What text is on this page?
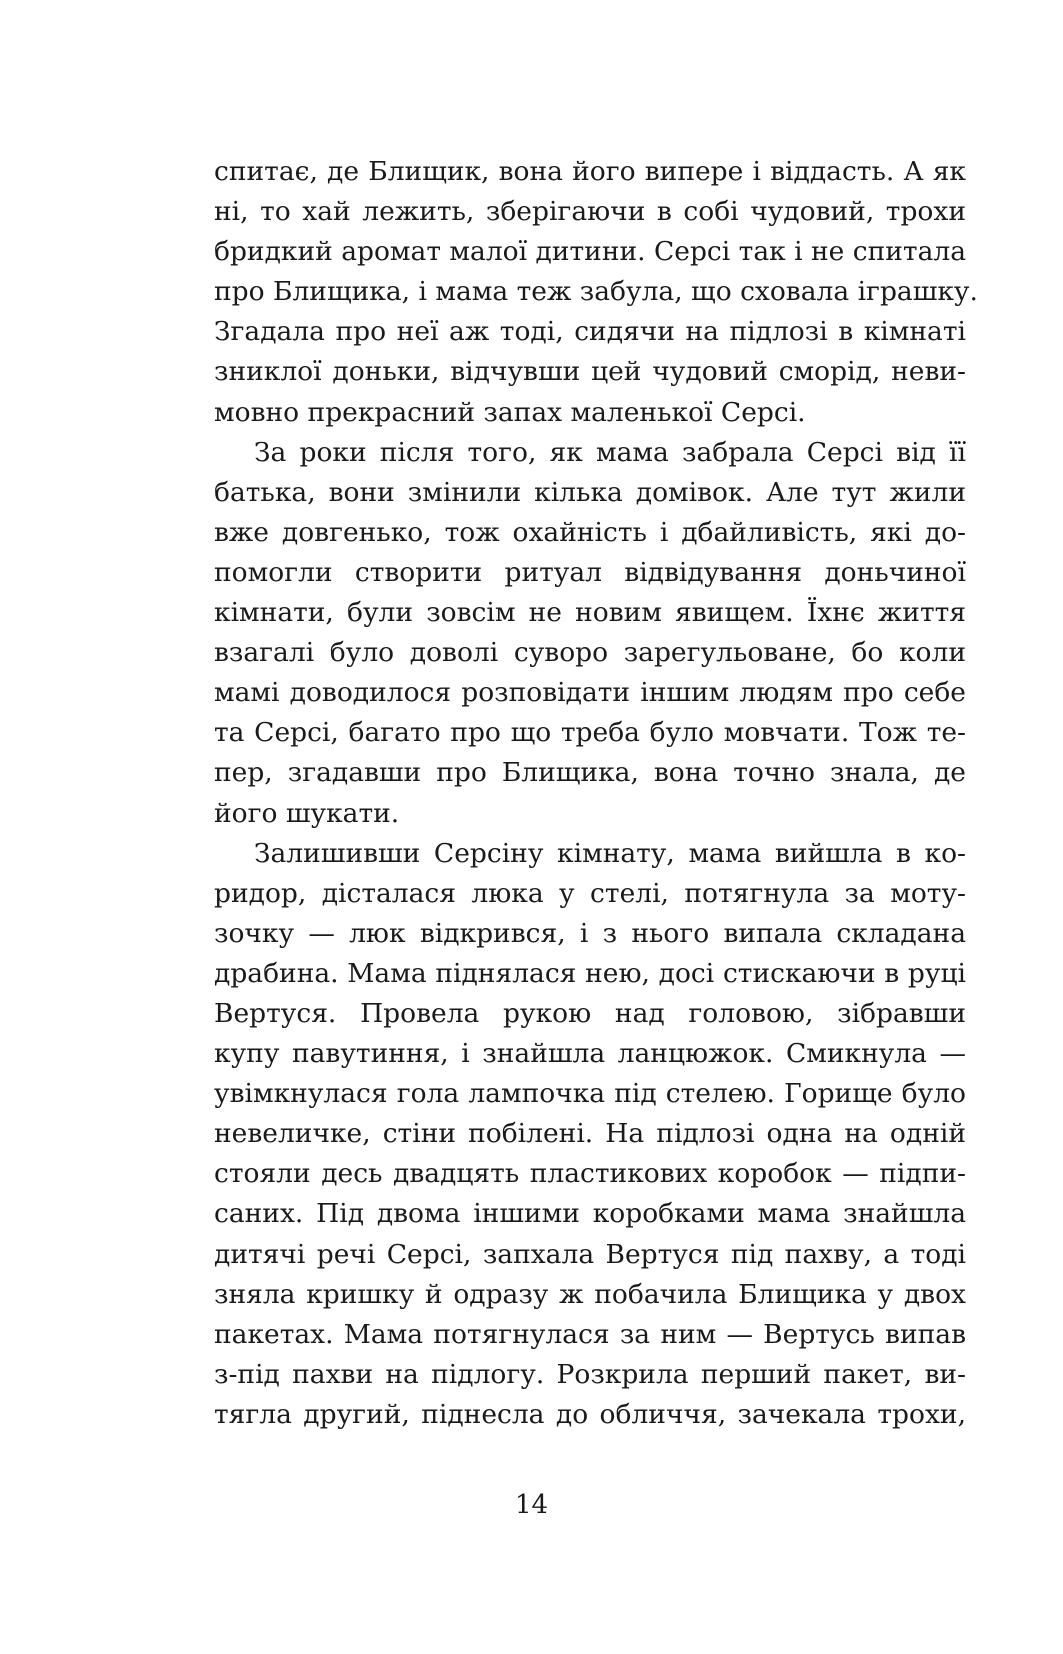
спитає, де Блищик, вона його випере і віддасть. А як
ні, то хай лежить, зберігаючи в собі чудовий, трохи
бридкий аромат малої дитини. Серсі так і не спитала
про Блищика, і мама теж забула, що сховала іграшку.
Згадала про неї аж тоді, сидячи на підлозі в кімнаті
зниклої доньки, відчувши цей чудовий сморід, неви-
мовно прекрасний запах маленької Серсі.
За роки після того, як мама забрала Серсі від її
батька, вони змінили кілька домівок. Але тут жили
вже довгенько, тож охайність і дбайливість, які до-
помогли створити ритуал відвідування доньчиної
кімнати, були зовсім не новим явищем. Їхнє життя
взагалі було доволі суворо зарегульоване, бо коли
мамі доводилося розповідати іншим людям про себе
та Серсі, багато про що треба було мовчати. Тож те-
пер, згадавши про Блищика, вона точно знала, де
його шукати.
Залишивши Серсіну кімнату, мама вийшла в ко-
ридор, дісталася люка у стелі, потягнула за моту-
зочку — люк відкрився, і з нього випала складана
драбина. Мама піднялася нею, досі стискаючи в руці
Вертуся. Провела рукою над головою, зібравши
купу павутиння, і знайшла ланцюжок. Смикнула —
увімкнулася гола лампочка під стелею. Горище було
невеличке, стіни побілені. На підлозі одна на одній
стояли десь двадцять пластикових коробок — підпи-
саних. Під двома іншими коробками мама знайшла
дитячі речі Серсі, запхала Вертуся під пахву, а тоді
зняла кришку й одразу ж побачила Блищика у двох
пакетах. Мама потягнулася за ним — Вертусь випав
з-під пахви на підлогу. Розкрила перший пакет, ви-
тягла другий, піднесла до обличчя, зачекала трохи,
14
